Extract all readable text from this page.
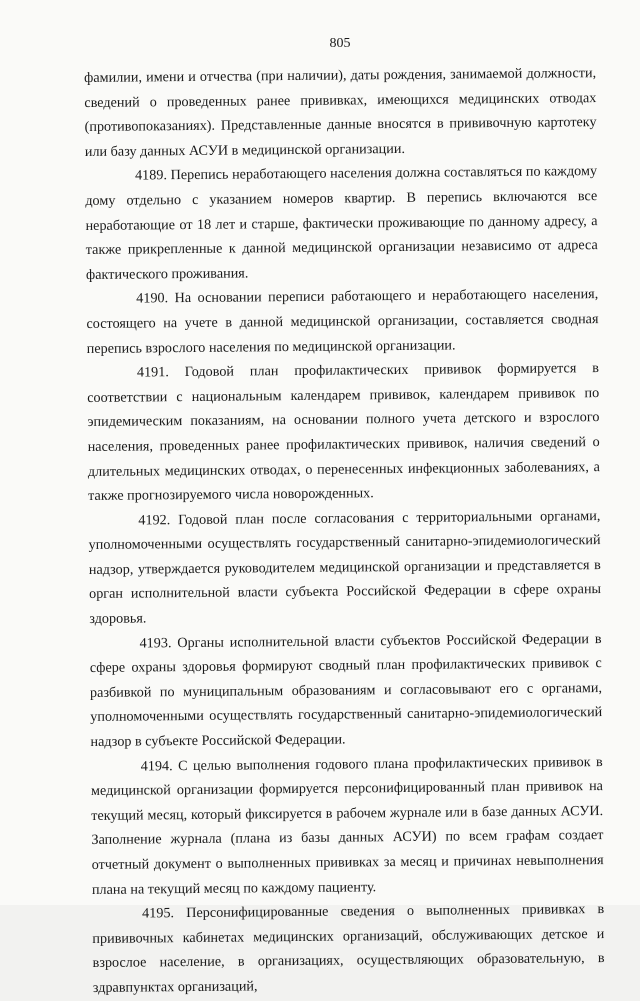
805

фамилии, имени и отчества (при наличии), даты рождения, занимаемой должности, сведений о проведенных ранее прививках, имеющихся медицинских отводах (противопоказаниях). Представленные данные вносятся в прививочную картотеку или базу данных АСУИ в медицинской организации.

4189. Перепись неработающего населения должна составляться по каждому дому отдельно с указанием номеров квартир. В перепись включаются все неработающие от 18 лет и старше, фактически проживающие по данному адресу, а также прикрепленные к данной медицинской организации независимо от адреса фактического проживания.

4190. На основании переписи работающего и неработающего населения, состоящего на учете в данной медицинской организации, составляется сводная перепись взрослого населения по медицинской организации.

4191. Годовой план профилактических прививок формируется в соответствии с национальным календарем прививок, календарем прививок по эпидемическим показаниям, на основании полного учета детского и взрослого населения, проведенных ранее профилактических прививок, наличия сведений о длительных медицинских отводах, о перенесенных инфекционных заболеваниях, а также прогнозируемого числа новорожденных.

4192. Годовой план после согласования с территориальными органами, уполномоченными осуществлять государственный санитарно-эпидемиологический надзор, утверждается руководителем медицинской организации и представляется в орган исполнительной власти субъекта Российской Федерации в сфере охраны здоровья.

4193. Органы исполнительной власти субъектов Российской Федерации в сфере охраны здоровья формируют сводный план профилактических прививок с разбивкой по муниципальным образованиям и согласовывают его с органами, уполномоченными осуществлять государственный санитарно-эпидемиологический надзор в субъекте Российской Федерации.

4194. С целью выполнения годового плана профилактических прививок в медицинской организации формируется персонифицированный план прививок на текущий месяц, который фиксируется в рабочем журнале или в базе данных АСУИ. Заполнение журнала (плана из базы данных АСУИ) по всем графам создает отчетный документ о выполненных прививках за месяц и причинах невыполнения плана на текущий месяц по каждому пациенту.

4195. Персонифицированные сведения о выполненных прививках в прививочных кабинетах медицинских организаций, обслуживающих детское и взрослое население, в организациях, осуществляющих образовательную, в здравпунктах организаций,
